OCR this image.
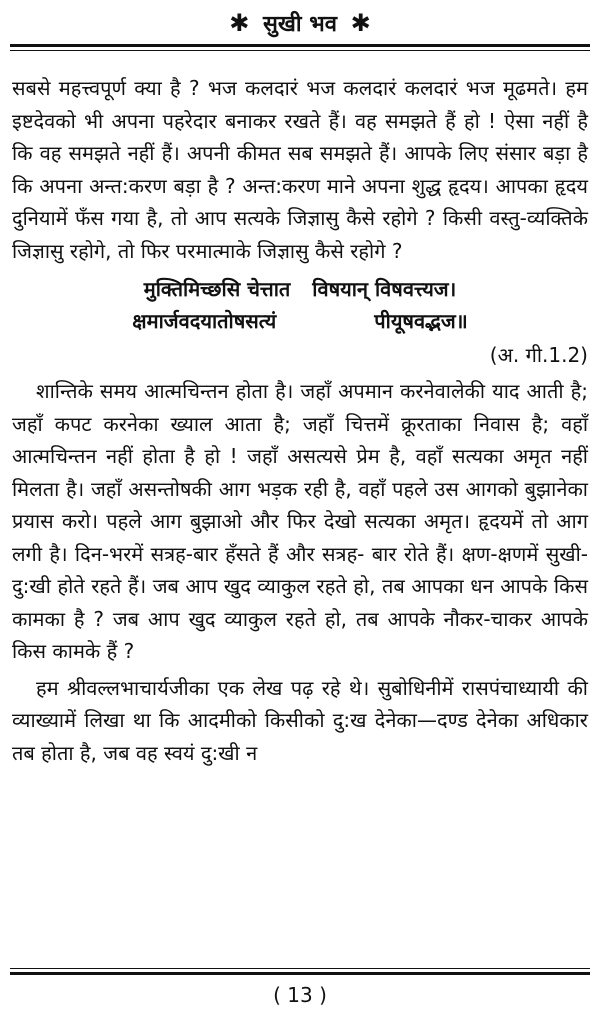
✱ सुखी भव ✱

सबसे महत्त्वपूर्ण क्या है ? भज कलदारं भज कलदारं कलदारं भज मूढमते। हम इष्टदेवको भी अपना पहरेदार बनाकर रखते हैं। वह समझते हैं हो ! ऐसा नहीं है कि वह समझते नहीं हैं। अपनी कीमत सब समझते हैं। आपके लिए संसार बड़ा है कि अपना अन्त:करण बड़ा है ? अन्त:करण माने अपना शुद्ध हृदय। आपका हृदय दुनियामें फँस गया है, तो आप सत्यके जिज्ञासु कैसे रहोगे ? किसी वस्तु-व्यक्तिके जिज्ञासु रहोगे, तो फिर परमात्माके जिज्ञासु कैसे रहोगे ?

मुक्तिमिच्छसि चेत्तात विषयान् विषवत्त्यज।
क्षमार्जवदयातोषसत्यं	पीयूषवद्भज॥
(अ. गी.1.2)

शान्तिके समय आत्मचिन्तन होता है। जहाँ अपमान करनेवालेकी याद आती है; जहाँ कपट करनेका ख्याल आता है; जहाँ चित्तमें क्रूरताका निवास है; वहाँ आत्मचिन्तन नहीं होता है हो ! जहाँ असत्यसे प्रेम है, वहाँ सत्यका अमृत नहीं मिलता है। जहाँ असन्तोषकी आग भड़क रही है, वहाँ पहले उस आगको बुझानेका प्रयास करो। पहले आग बुझाओ और फिर देखो सत्यका अमृत। हृदयमें तो आग लगी है। दिन-भरमें सत्रह-बार हँसते हैं और सत्रह- बार रोते हैं। क्षण-क्षणमें सुखी-दु:खी होते रहते हैं। जब आप खुद व्याकुल रहते हो, तब आपका धन आपके किस कामका है ? जब आप खुद व्याकुल रहते हो, तब आपके नौकर-चाकर आपके किस कामके हैं ?

हम श्रीवल्लभाचार्यजीका एक लेख पढ़ रहे थे। सुबोधिनीमें रासपंचाध्यायी की व्याख्यामें लिखा था कि आदमीको किसीको दु:ख देनेका—दण्ड देनेका अधिकार तब होता है, जब वह स्वयं दु:खी न

( 13 )
